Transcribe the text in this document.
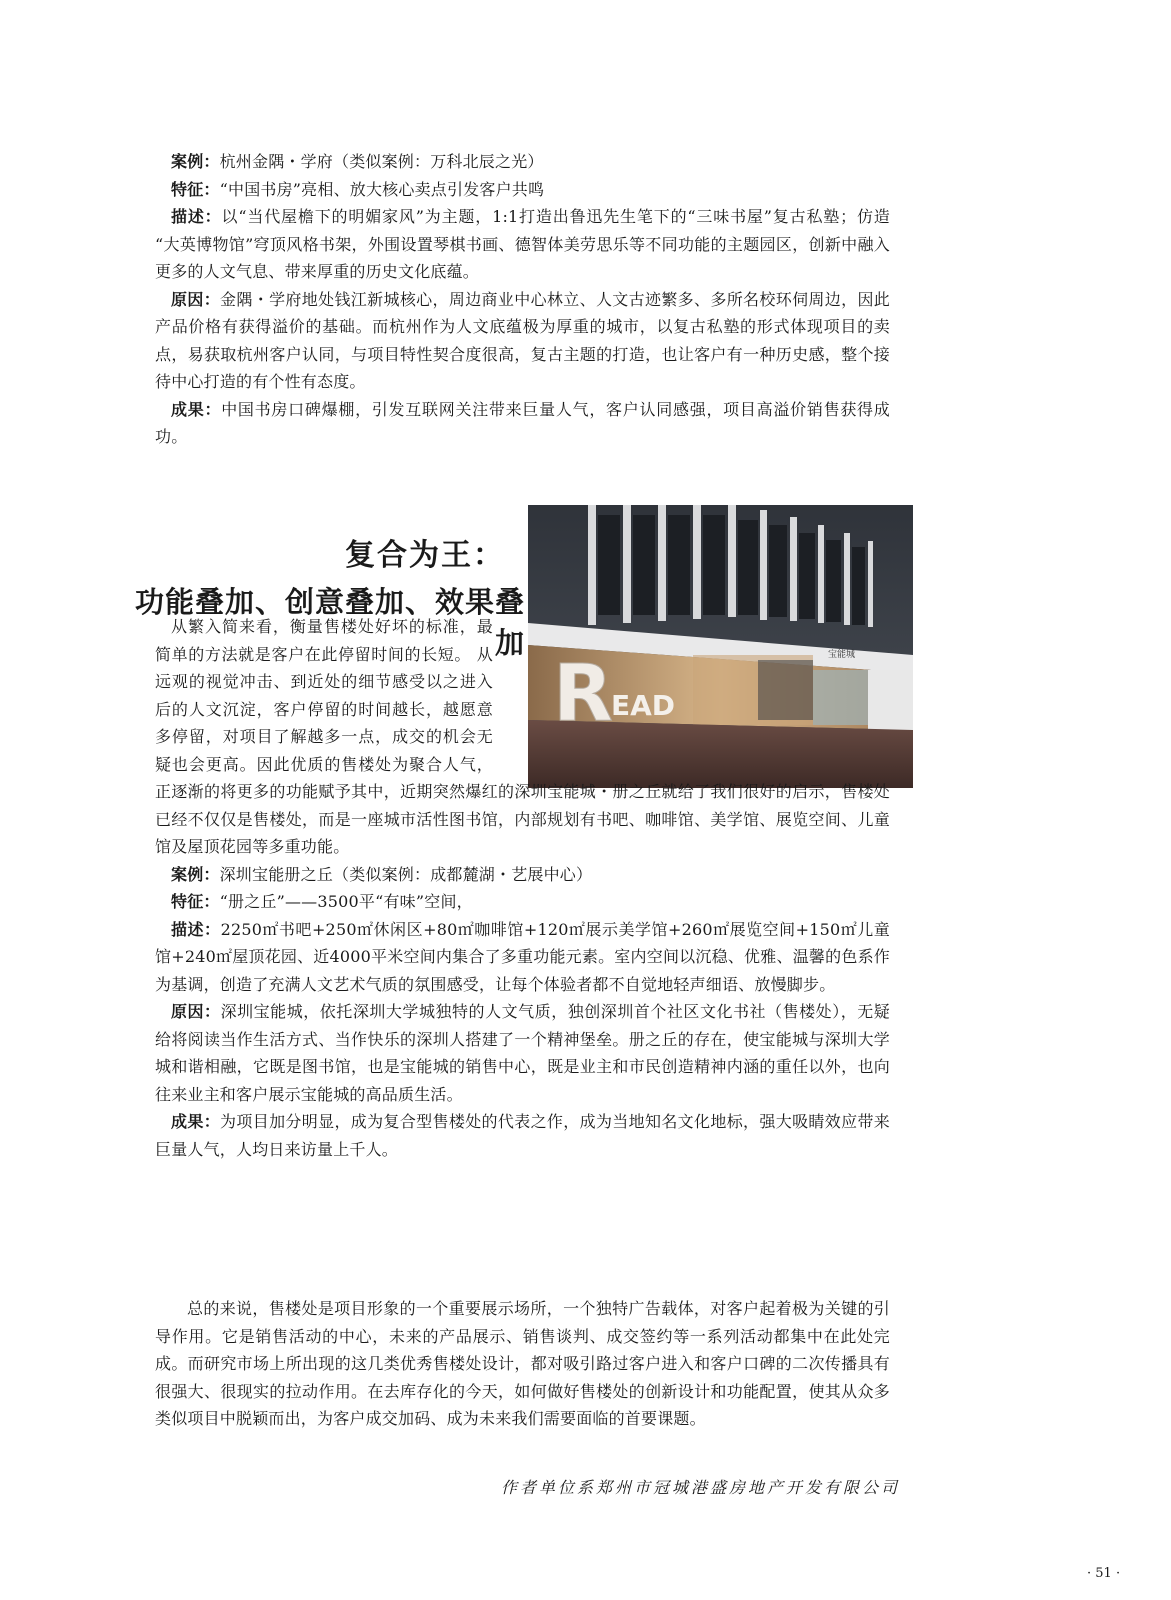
案例：杭州金隅・学府（类似案例：万科北辰之光）

特征：“中国书房”亮相、放大核心卖点引发客户共鸣

描述：以“当代屋檐下的明媚家风”为主题，1:1打造出鲁迅先生笔下的“三味书屋”复古私塾；仿造 “大英博物馆”穹顶风格书架，外围设置琴棋书画、德智体美劳思乐等不同功能的主题园区，创新中融入更多的人文气息、带来厚重的历史文化底蕴。

原因：金隅・学府地处钱江新城核心，周边商业中心林立、人文古迹繁多、多所名校环伺周边，因此产品价格有获得溢价的基础。而杭州作为人文底蕴极为厚重的城市，以复古私塾的形式体现项目的卖点，易获取杭州客户认同，与项目特性契合度很高，复古主题的打造，也让客户有一种历史感，整个接待中心打造的有个性有态度。

成果：中国书房口碑爆棚，引发互联网关注带来巨量人气，客户认同感强，项目高溢价销售获得成功。

复合为王：
功能叠加、创意叠加、效果叠加	宝能城
R
EAD

从繁入简来看，衡量售楼处好坏的标准，最简单的方法就是客户在此停留时间的长短。 从远观的视觉冲击、到近处的细节感受以之进入后的人文沉淀，客户停留的时间越长，越愿意多停留，对项目了解越多一点，成交的机会无疑也会更高。因此优质的售楼处为聚合人气，正逐渐的将更多的功能赋予其中，近期突然爆红的深圳宝能城・册之丘就给了我们很好的启示，售楼处已经不仅仅是售楼处，而是一座城市活性图书馆，内部规划有书吧、咖啡馆、美学馆、展览空间、儿童馆及屋顶花园等多重功能。

案例：深圳宝能册之丘（类似案例：成都麓湖・艺展中心）

特征：“册之丘”——3500平“有味”空间，

描述：2250㎡书吧+250㎡休闲区+80㎡咖啡馆+120㎡展示美学馆+260㎡展览空间+150㎡儿童馆+240㎡屋顶花园、近4000平米空间内集合了多重功能元素。室内空间以沉稳、优雅、温馨的色系作为基调，创造了充满人文艺术气质的氛围感受，让每个体验者都不自觉地轻声细语、放慢脚步。

原因：深圳宝能城，依托深圳大学城独特的人文气质，独创深圳首个社区文化书社（售楼处），无疑给将阅读当作生活方式、当作快乐的深圳人搭建了一个精神堡垒。册之丘的存在，使宝能城与深圳大学城和谐相融，它既是图书馆，也是宝能城的销售中心，既是业主和市民创造精神内涵的重任以外，也向往来业主和客户展示宝能城的高品质生活。

成果：为项目加分明显，成为复合型售楼处的代表之作，成为当地知名文化地标，强大吸睛效应带来巨量人气，人均日来访量上千人。

总的来说，售楼处是项目形象的一个重要展示场所，一个独特广告载体，对客户起着极为关键的引导作用。它是销售活动的中心，未来的产品展示、销售谈判、成交签约等一系列活动都集中在此处完成。而研究市场上所出现的这几类优秀售楼处设计，都对吸引路过客户进入和客户口碑的二次传播具有很强大、很现实的拉动作用。在去库存化的今天，如何做好售楼处的创新设计和功能配置，使其从众多类似项目中脱颖而出，为客户成交加码、成为未来我们需要面临的首要课题。

作者单位系郑州市冠城港盛房地产开发有限公司
· 51 ·
